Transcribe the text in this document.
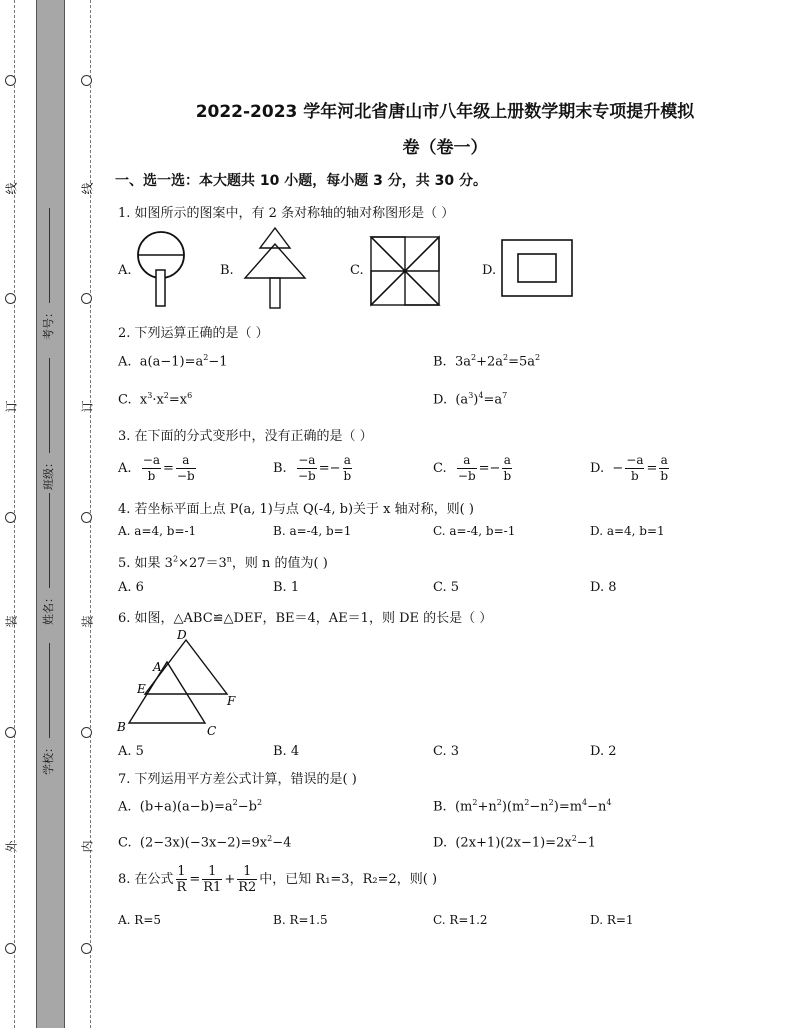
线
订
装
外
线
订
装
内
考号：
班级：
姓名：
学校：
2022-2023 学年河北省唐山市八年级上册数学期末专项提升模拟
卷（卷一）
一、选一选：本大题共 10 小题，每小题 3 分，共 30 分。
1. 如图所示的图案中，有 2 条对称轴的轴对称图形是（ ）
A.	B.	C.	D.
2. 下列运算正确的是（ ）
A.  $a(a-1)=a^2-1$	B.  $3a^2+2a^2=5a^2$
C.  $x^3\cdot x^2=x^6$	D.  $(a^3)^4=a^7$
3. 在下面的分式变形中，没有正确的是（ ）
A. $\frac{-a}{b} = \frac{a}{-b}$	B. $\frac{-a}{-b} =- \frac{a}{b}$	C. $\frac{a}{-b} =- \frac{a}{b}$	D.  − $\frac{-a}{b} = \frac{a}{b}$
4. 若坐标平面上点 P(a, 1)与点 Q(-4, b)关于 x 轴对称，则( )
A. a=4, b=-1	B. a=-4, b=1	C. a=-4, b=-1	D. a=4, b=1
5. 如果 $3^2\times 27=3^n$，则 n 的值为( )
A. 6	B. 1	C. 5	D. 8
6. 如图，△ABC≌△DEF，BE＝4，AE＝1，则 DE 的长是（ ）
D
A
E
F
B	C
A. 5	B. 4	C. 3	D. 2
7. 下列运用平方差公式计算，错误的是( )
A.  $(b+a)(a-b)=a^2-b^2$	B.  $(m^2+n^2)(m^2-n^2)=m^4-n^4$
C.  $(2-3x)(-3x-2)=9x^2-4$	D.  $(2x+1)(2x-1)=2x^2-1$
8. 在公式 $\frac{1}{R} = \frac{1}{R1} + \frac{1}{R2}$ 中，已知 R₁=3，R₂=2，则( )
A. R=5	B. R=1.5	C. R=1.2	D. R=1
